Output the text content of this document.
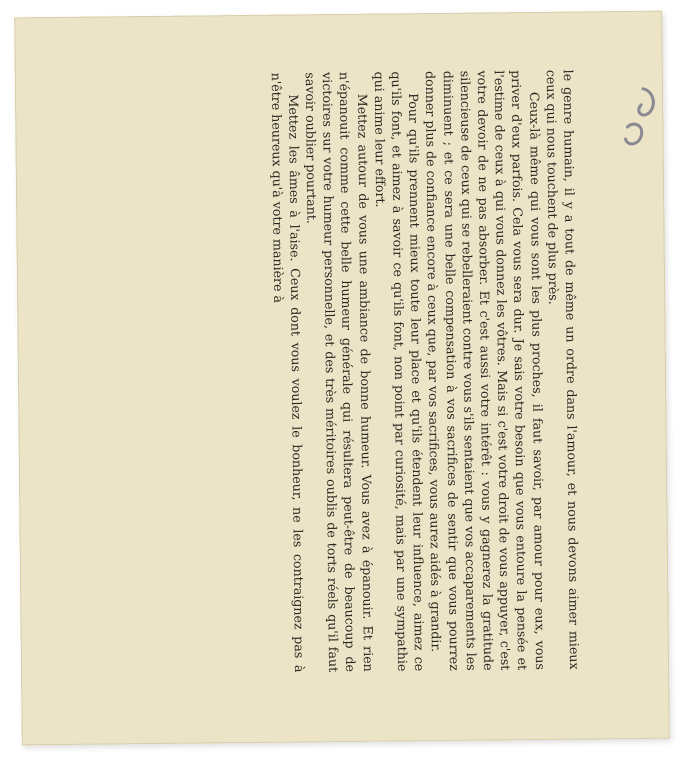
le genre humain, il y a tout de même un ordre dans l'amour, et nous devons aimer mieux ceux qui nous touchent de plus près.

Ceux-là même qui vous sont les plus proches, il faut savoir, par amour pour eux, vous priver d'eux parfois. Cela vous sera dur. Je sais votre besoin que vous entoure la pensée et l'estime de ceux à qui vous donnez les vôtres. Mais si c'est votre droit de vous appuyer, c'est votre devoir de ne pas absorber. Et c'est aussi votre intérêt : vous y gagnerez la gratitude silencieuse de ceux qui se rebelleraient contre vous s'ils sentaient que vos accaparements les diminuent ; et ce sera une belle compensation à vos sacrifices de sentir que vous pourrez donner plus de confiance encore à ceux que, par vos sacrifices, vous aurez aidés à grandir.

Pour qu'ils prennent mieux toute leur place et qu'ils étendent leur influence, aimez ce qu'ils font, et aimez à savoir ce qu'ils font, non point par curiosité, mais par une sympathie qui anime leur effort.

Mettez autour de vous une ambiance de bonne humeur. Vous avez à épanouir. Et rien n'épanouit comme cette belle humeur générale qui résultera peut-être de beaucoup de victoires sur votre humeur personnelle, et des très méritoires oublis de torts réels qu'il faut savoir oublier pourtant.

Mettez les âmes à l'aise. Ceux dont vous voulez le bonheur, ne les contraignez pas à n'être heureux qu'à votre manière à
